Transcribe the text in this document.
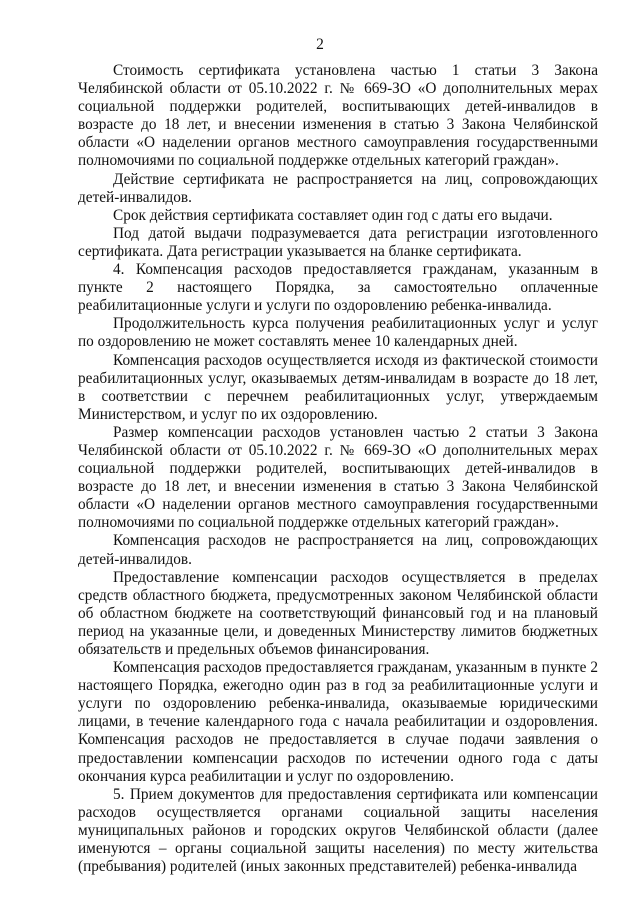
2

Стоимость сертификата установлена частью 1 статьи 3 Закона Челябинской области от 05.10.2022 г. № 669-ЗО «О дополнительных мерах социальной поддержки родителей, воспитывающих детей-инвалидов в возрасте до 18 лет, и внесении изменения в статью 3 Закона Челябинской области «О наделении органов местного самоуправления государственными полномочиями по социальной поддержке отдельных категорий граждан».

Действие сертификата не распространяется на лиц, сопровождающих детей-инвалидов.

Срок действия сертификата составляет один год с даты его выдачи.

Под датой выдачи подразумевается дата регистрации изготовленного сертификата. Дата регистрации указывается на бланке сертификата.

4. Компенсация расходов предоставляется гражданам, указанным в пункте 2 настоящего Порядка, за самостоятельно оплаченные реабилитационные услуги и услуги по оздоровлению ребенка-инвалида.

Продолжительность курса получения реабилитационных услуг и услуг по оздоровлению не может составлять менее 10 календарных дней.

Компенсация расходов осуществляется исходя из фактической стоимости реабилитационных услуг, оказываемых детям-инвалидам в возрасте до 18 лет, в соответствии с перечнем реабилитационных услуг, утверждаемым Министерством, и услуг по их оздоровлению.

Размер компенсации расходов установлен частью 2 статьи 3 Закона Челябинской области от 05.10.2022 г. № 669-ЗО «О дополнительных мерах социальной поддержки родителей, воспитывающих детей-инвалидов в возрасте до 18 лет, и внесении изменения в статью 3 Закона Челябинской области «О наделении органов местного самоуправления государственными полномочиями по социальной поддержке отдельных категорий граждан».

Компенсация расходов не распространяется на лиц, сопровождающих детей-инвалидов.

Предоставление компенсации расходов осуществляется в пределах средств областного бюджета, предусмотренных законом Челябинской области об областном бюджете на соответствующий финансовый год и на плановый период на указанные цели, и доведенных Министерству лимитов бюджетных обязательств и предельных объемов финансирования.

Компенсация расходов предоставляется гражданам, указанным в пункте 2 настоящего Порядка, ежегодно один раз в год за реабилитационные услуги и услуги по оздоровлению ребенка-инвалида, оказываемые юридическими лицами, в течение календарного года с начала реабилитации и оздоровления. Компенсация расходов не предоставляется в случае подачи заявления о предоставлении компенсации расходов по истечении одного года с даты окончания курса реабилитации и услуг по оздоровлению.

5. Прием документов для предоставления сертификата или компенсации расходов осуществляется органами социальной защиты населения муниципальных районов и городских округов Челябинской области (далее именуются – органы социальной защиты населения) по месту жительства (пребывания) родителей (иных законных представителей) ребенка-инвалида
